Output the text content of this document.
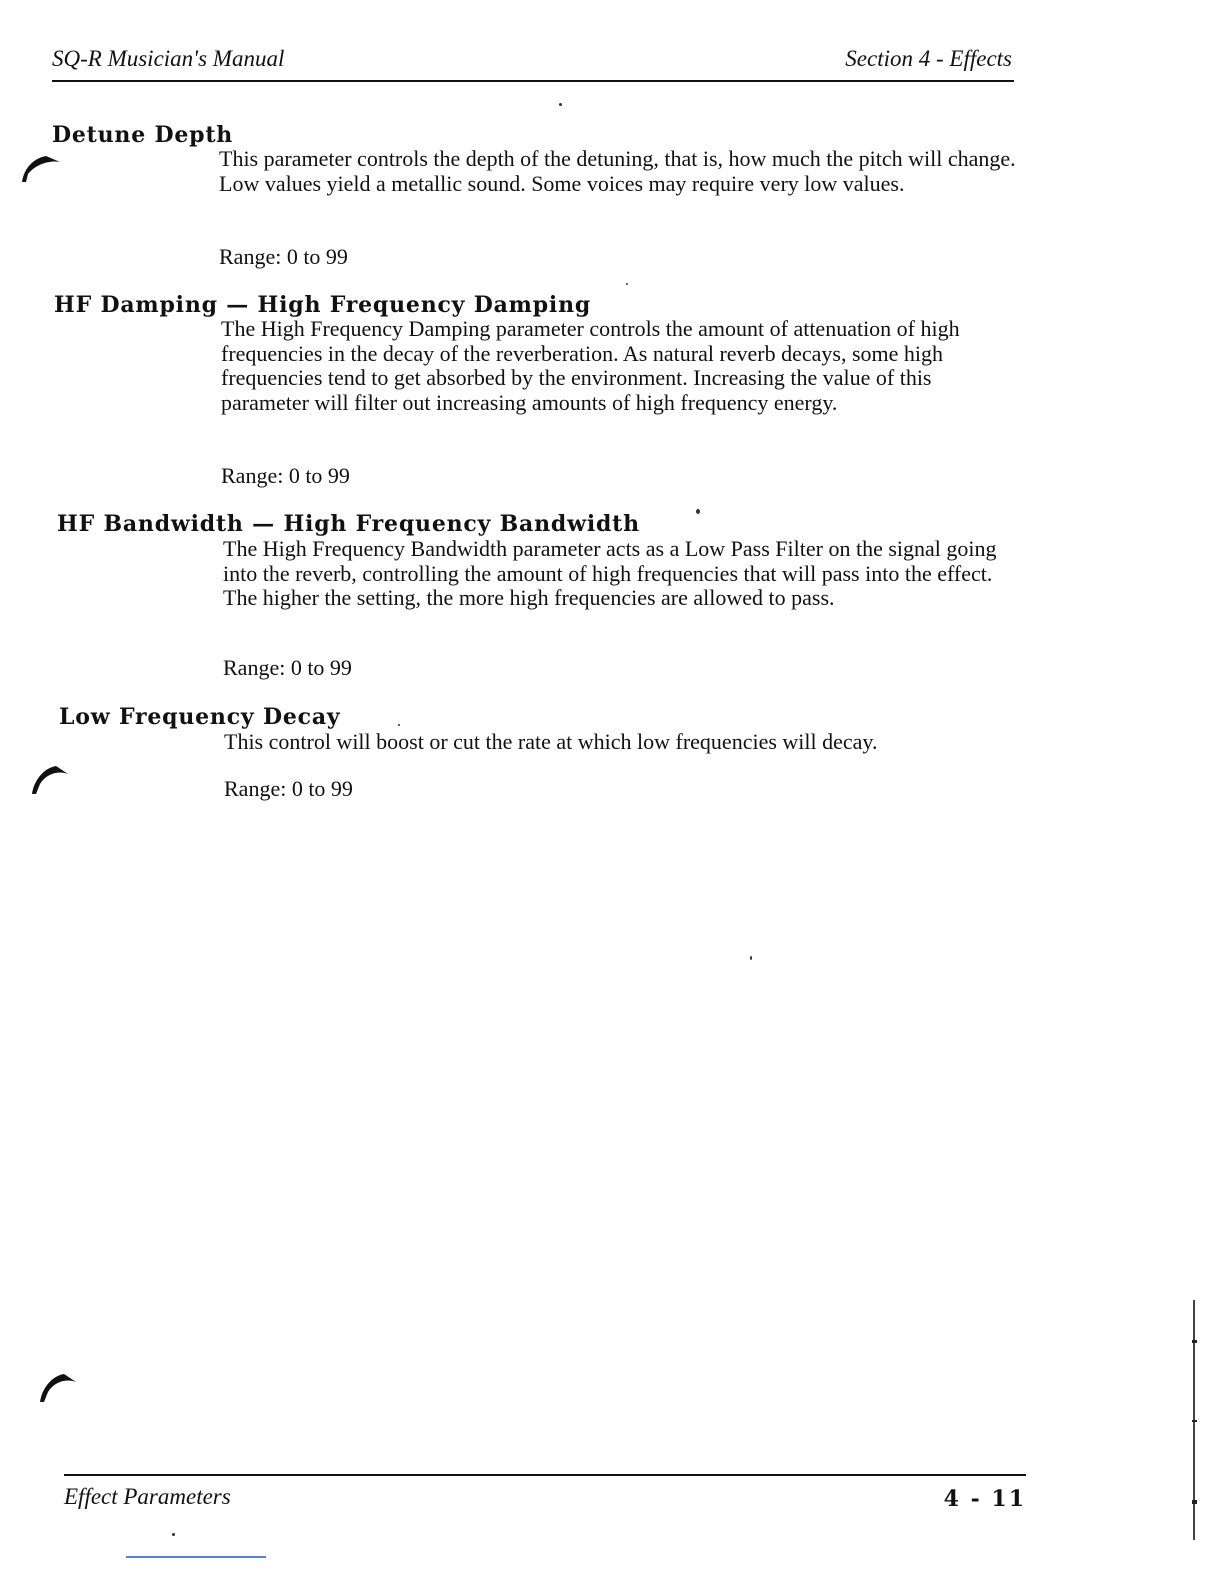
SQ-R Musician's Manual	Section 4 - Effects
Detune Depth
This parameter controls the depth of the detuning, that is, how much the pitch will change. Low values yield a metallic sound. Some voices may require very low values.
Range: 0 to 99
HF Damping — High Frequency Damping
The High Frequency Damping parameter controls the amount of attenuation of high frequencies in the decay of the reverberation. As natural reverb decays, some high frequencies tend to get absorbed by the environment. Increasing the value of this parameter will filter out increasing amounts of high frequency energy.
Range: 0 to 99
HF Bandwidth — High Frequency Bandwidth
The High Frequency Bandwidth parameter acts as a Low Pass Filter on the signal going into the reverb, controlling the amount of high frequencies that will pass into the effect. The higher the setting, the more high frequencies are allowed to pass.
Range: 0 to 99
Low Frequency Decay
This control will boost or cut the rate at which low frequencies will decay.
Range: 0 to 99
Effect Parameters	4 - 11
